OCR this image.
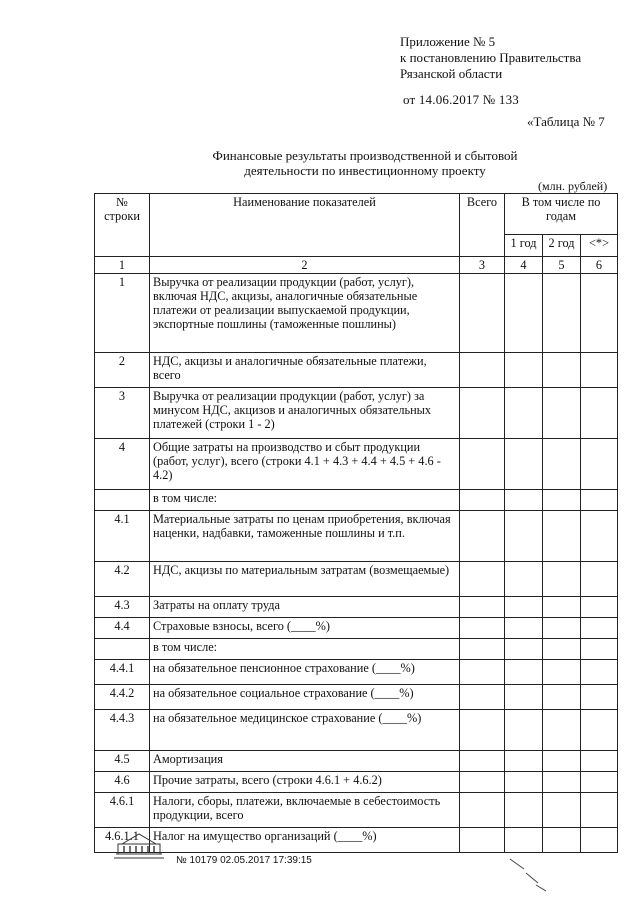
Приложение № 5
к постановлению Правительства
Рязанской области
от 14.06.2017 № 133
«Таблица № 7
Финансовые результаты производственной и сбытовой
деятельности по инвестиционному проекту
(млн. рублей)
№ строки	Наименование показателей	Всего	В том числе по годам		
			1 год	2 год	<*>
1	2	3	4	5	6
1	Выручка от реализации продукции (работ, услуг), включая НДС, акцизы, аналогичные обязательные платежи от реализации выпускаемой продукции, экспортные пошлины (таможенные пошлины)				
2	НДС, акцизы и аналогичные обязательные платежи, всего				
3	Выручка от реализации продукции (работ, услуг) за минусом НДС, акцизов и аналогичных обязательных платежей (строки 1 - 2)				
4	Общие затраты на производство и сбыт продукции (работ, услуг), всего (строки 4.1 + 4.3 + 4.4 + 4.5 + 4.6 - 4.2)				
	в том числе:				
4.1	Материальные затраты по ценам приобретения, включая наценки, надбавки, таможенные пошлины и т.п.				
4.2	НДС, акцизы по материальным затратам (возмещаемые)				
4.3	Затраты на оплату труда				
4.4	Страховые взносы, всего (____%)				
	в том числе:				
4.4.1	на обязательное пенсионное страхование (____%)				
4.4.2	на обязательное социальное страхование (____%)				
4.4.3	на обязательное медицинское страхование (____%)				
4.5	Амортизация				
4.6	Прочие затраты, всего (строки 4.6.1 + 4.6.2)				
4.6.1	Налоги, сборы, платежи, включаемые в себестоимость продукции, всего				
4.6.1.1	Налог на имущество организаций (____%)				
№ 10179 02.05.2017 17:39:15
